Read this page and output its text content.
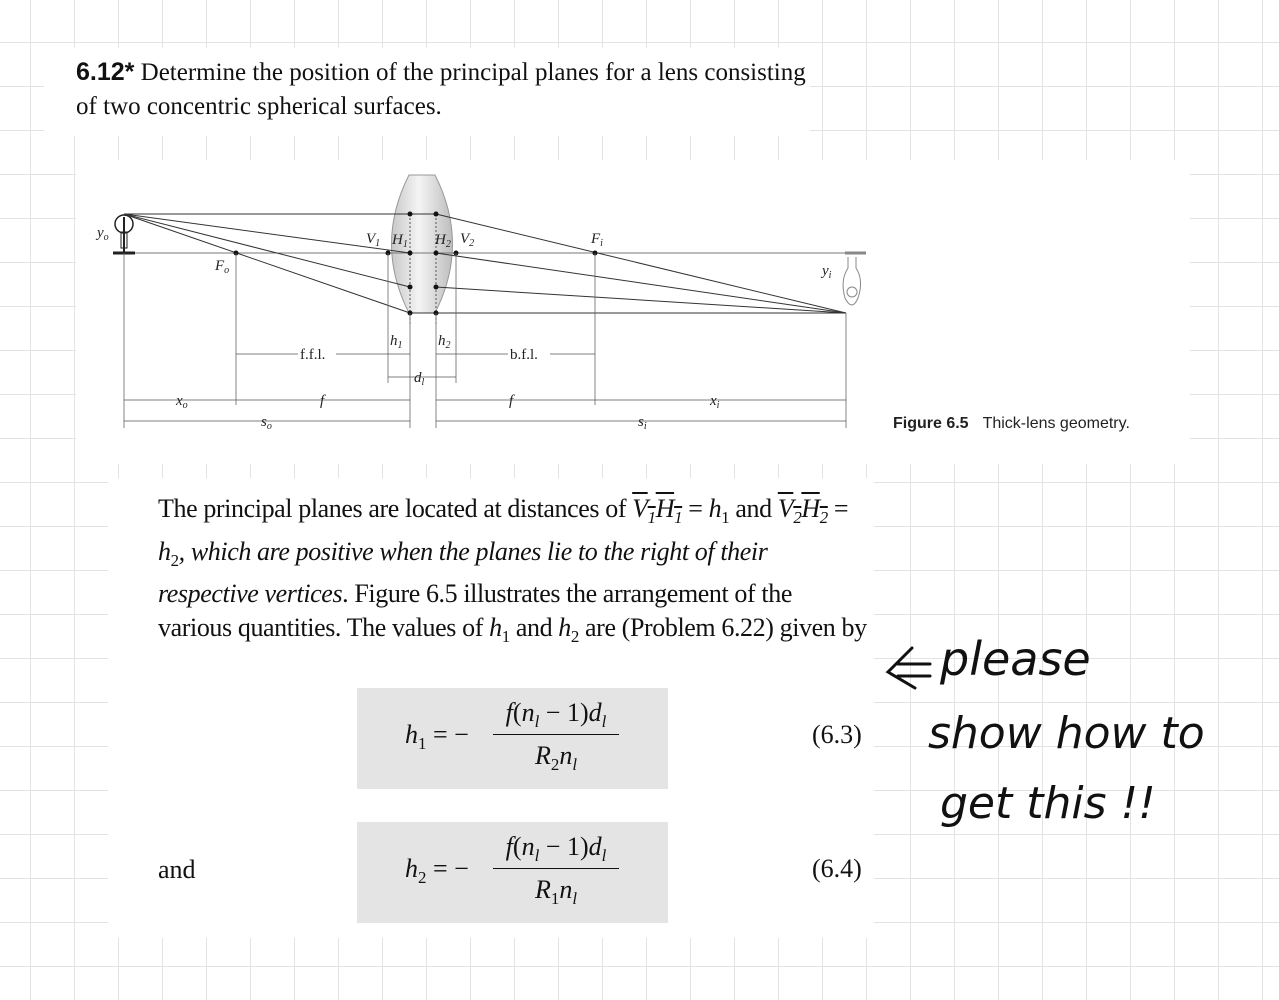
6.12* Determine the position of the principal planes for a lens consisting of two concentric spherical surfaces.

$y_o$
$F_o$
$V_1$ $H_1$ $H_2$ $V_2$	$F_i$
$y_i$
$h_1$ $h_2$
$d_l$
$x_o$	f	f	$x_i$
$s_o$	$s_i$
f.f.l.	b.f.l.
Figure 6.5 Thick-lens geometry.

The principal planes are located at distances of $V_1H_1 = h_1$ and $V_2H_2 = h_2$, which are positive when the planes lie to the right of their respective vertices. Figure 6.5 illustrates the arrangement of the various quantities. The values of $h_1$ and $h_2$ are (Problem 6.22) given by

$h_1$ = − $\frac{f(n_l - 1)d_l}{R_2n_l}$	(6.3)
and	$h_2$ = − $\frac{f(n_l - 1)d_l}{R_1n_l}$	(6.4)
please
show how to
get this !!
